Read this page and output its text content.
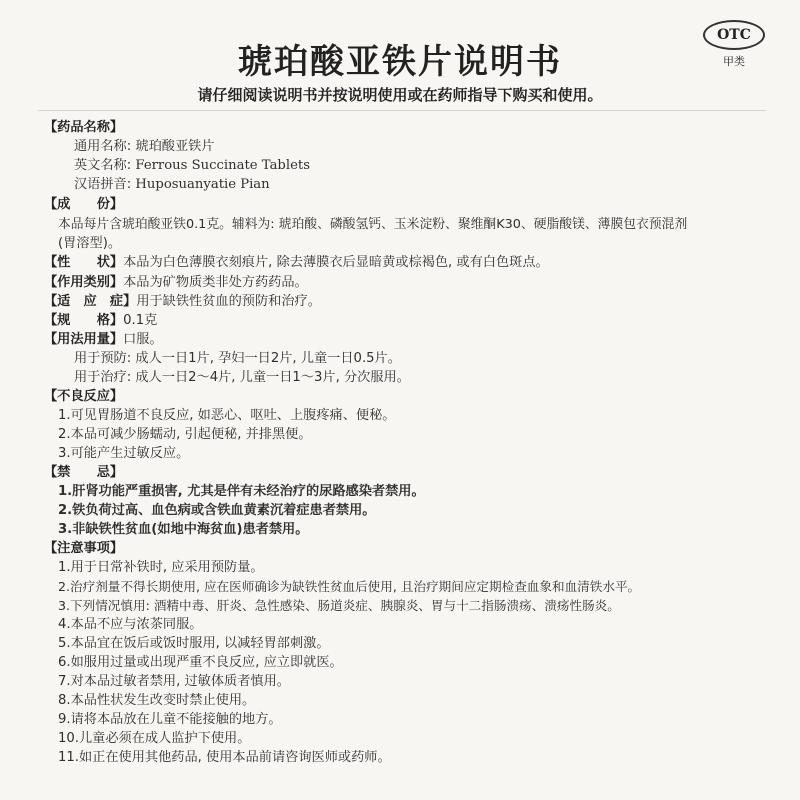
OTC
甲类
琥珀酸亚铁片说明书
请仔细阅读说明书并按说明使用或在药师指导下购买和使用。
【药品名称】
通用名称: 琥珀酸亚铁片
英文名称: Ferrous Succinate Tablets
汉语拼音: Huposuanyatie Pian
【成　　份】
本品每片含琥珀酸亚铁0.1克。辅料为: 琥珀酸、磷酸氢钙、玉米淀粉、聚维酮K30、硬脂酸镁、薄膜包衣预混剂
(胃溶型)。
【性　　状】本品为白色薄膜衣刻痕片, 除去薄膜衣后显暗黄或棕褐色, 或有白色斑点。
【作用类别】本品为矿物质类非处方药药品。
【适　应　症】用于缺铁性贫血的预防和治疗。
【规　　格】0.1克
【用法用量】口服。
用于预防: 成人一日1片, 孕妇一日2片, 儿童一日0.5片。
用于治疗: 成人一日2～4片, 儿童一日1～3片, 分次服用。
【不良反应】
1.可见胃肠道不良反应, 如恶心、呕吐、上腹疼痛、便秘。
2.本品可减少肠蠕动, 引起便秘, 并排黑便。
3.可能产生过敏反应。
【禁　　忌】
1.肝肾功能严重损害, 尤其是伴有未经治疗的尿路感染者禁用。
2.铁负荷过高、血色病或含铁血黄素沉着症患者禁用。
3.非缺铁性贫血(如地中海贫血)患者禁用。
【注意事项】
1.用于日常补铁时, 应采用预防量。
2.治疗剂量不得长期使用, 应在医师确诊为缺铁性贫血后使用, 且治疗期间应定期检查血象和血清铁水平。
3.下列情况慎用: 酒精中毒、肝炎、急性感染、肠道炎症、胰腺炎、胃与十二指肠溃疡、溃疡性肠炎。
4.本品不应与浓茶同服。
5.本品宜在饭后或饭时服用, 以减轻胃部刺激。
6.如服用过量或出现严重不良反应, 应立即就医。
7.对本品过敏者禁用, 过敏体质者慎用。
8.本品性状发生改变时禁止使用。
9.请将本品放在儿童不能接触的地方。
10.儿童必须在成人监护下使用。
11.如正在使用其他药品, 使用本品前请咨询医师或药师。
